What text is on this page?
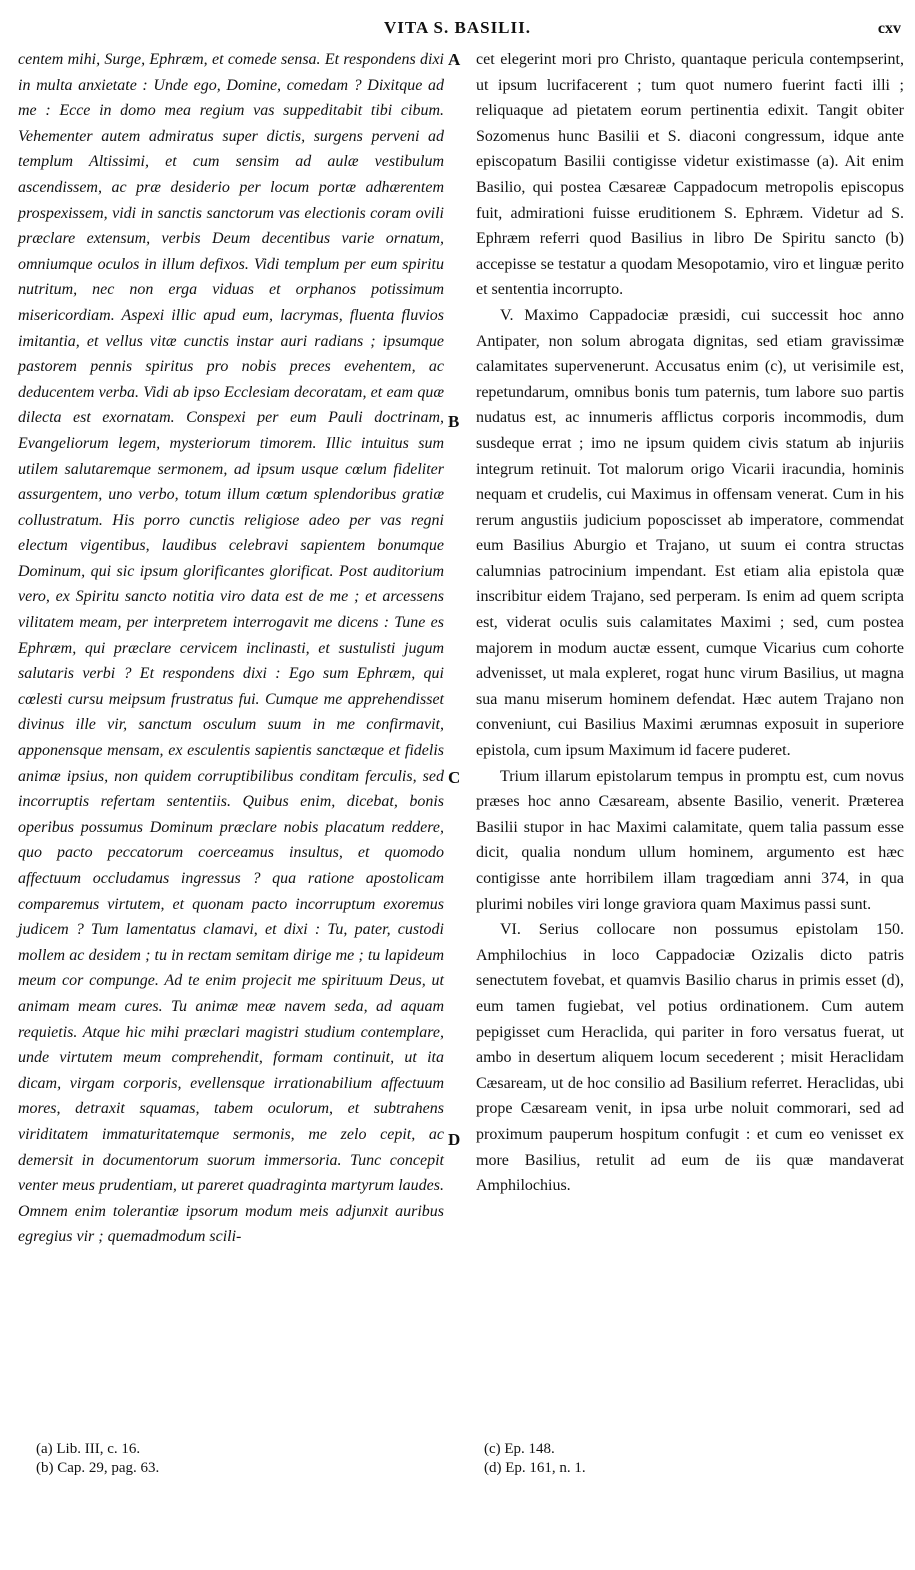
VITA S. BASILII.	cxv

centem mihi, Surge, Ephræm, et comede sensa. Et respondens dixi in multa anxietate : Unde ego, Domine, comedam ? Dixitque ad me : Ecce in domo mea regium vas suppeditabit tibi cibum. Vehementer autem admiratus super dictis, surgens perveni ad templum Altissimi, et cum sensim ad aulæ vestibulum ascendissem, ac præ desiderio per locum portæ adhærentem prospexissem, vidi in sanctis sanctorum vas electionis coram ovili præclare extensum, verbis Deum decentibus varie ornatum, omniumque oculos in illum defixos. Vidi templum per eum spiritu nutritum, nec non erga viduas et orphanos potissimum misericordiam. Aspexi illic apud eum, lacrymas, fluenta fluvios imitantia, et vellus vitæ cunctis instar auri radians ; ipsumque pastorem pennis spiritus pro nobis preces evehentem, ac deducentem verba. Vidi ab ipso Ecclesiam decoratam, et eam quæ dilecta est exornatam. Conspexi per eum Pauli doctrinam, Evangeliorum legem, mysteriorum timorem. Illic intuitus sum utilem salutaremque sermonem, ad ipsum usque cœlum fideliter assurgentem, uno verbo, totum illum cœtum splendoribus gratiæ collustratum. His porro cunctis religiose adeo per vas regni electum vigentibus, laudibus celebravi sapientem bonumque Dominum, qui sic ipsum glorificantes glorificat. Post auditorium vero, ex Spiritu sancto notitia viro data est de me ; et arcessens vilitatem meam, per interpretem interrogavit me dicens : Tune es Ephræm, qui præclare cervicem inclinasti, et sustulisti jugum salutaris verbi ? Et respondens dixi : Ego sum Ephræm, qui cœlesti cursu meipsum frustratus fui. Cumque me apprehendisset divinus ille vir, sanctum osculum suum in me confirmavit, apponensque mensam, ex esculentis sapientis sanctæque et fidelis animæ ipsius, non quidem corruptibilibus conditam ferculis, sed incorruptis refertam sententiis. Quibus enim, dicebat, bonis operibus possumus Dominum præclare nobis placatum reddere, quo pacto peccatorum coerceamus insultus, et quomodo affectuum occludamus ingressus ? qua ratione apostolicam comparemus virtutem, et quonam pacto incorruptum exoremus judicem ? Tum lamentatus clamavi, et dixi : Tu, pater, custodi mollem ac desidem ; tu in rectam semitam dirige me ; tu lapideum meum cor compunge. Ad te enim projecit me spirituum Deus, ut animam meam cures. Tu animæ meæ navem seda, ad aquam requietis. Atque hic mihi præclari magistri studium contemplare, unde virtutem meum comprehendit, formam continuit, ut ita dicam, virgam corporis, evellensque irrationabilium affectuum mores, detraxit squamas, tabem oculorum, et subtrahens viriditatem immaturitatemque sermonis, me zelo cepit, ac demersit in documentorum suorum immersoria. Tunc concepit venter meus prudentiam, ut pareret quadraginta martyrum laudes. Omnem enim tolerantiæ ipsorum modum meis adjunxit auribus egregius vir ; quemadmodum scili-

A
B
C
D

cet elegerint mori pro Christo, quantaque pericula contempserint, ut ipsum lucrifacerent ; tum quot numero fuerint facti illi ; reliquaque ad pietatem eorum pertinentia edixit. Tangit obiter Sozomenus hunc Basilii et S. diaconi congressum, idque ante episcopatum Basilii contigisse videtur existimasse (a). Ait enim Basilio, qui postea Cæsareæ Cappadocum metropolis episcopus fuit, admirationi fuisse eruditionem S. Ephræm. Videtur ad S. Ephræm referri quod Basilius in libro De Spiritu sancto (b) accepisse se testatur a quodam Mesopotamio, viro et linguæ perito et sententia incorrupto.

V. Maximo Cappadociæ præsidi, cui successit hoc anno Antipater, non solum abrogata dignitas, sed etiam gravissimæ calamitates supervenerunt. Accusatus enim (c), ut verisimile est, repetundarum, omnibus bonis tum paternis, tum labore suo partis nudatus est, ac innumeris afflictus corporis incommodis, dum susdeque errat ; imo ne ipsum quidem civis statum ab injuriis integrum retinuit. Tot malorum origo Vicarii iracundia, hominis nequam et crudelis, cui Maximus in offensam venerat. Cum in his rerum angustiis judicium poposcisset ab imperatore, commendat eum Basilius Aburgio et Trajano, ut suum ei contra structas calumnias patrocinium impendant. Est etiam alia epistola quæ inscribitur eidem Trajano, sed perperam. Is enim ad quem scripta est, viderat oculis suis calamitates Maximi ; sed, cum postea majorem in modum auctæ essent, cumque Vicarius cum cohorte advenisset, ut mala expleret, rogat hunc virum Basilius, ut magna sua manu miserum hominem defendat. Hæc autem Trajano non conveniunt, cui Basilius Maximi ærumnas exposuit in superiore epistola, cum ipsum Maximum id facere puderet.

Trium illarum epistolarum tempus in promptu est, cum novus præses hoc anno Cæsaream, absente Basilio, venerit. Præterea Basilii stupor in hac Maximi calamitate, quem talia passum esse dicit, qualia nondum ullum hominem, argumento est hæc contigisse ante horribilem illam tragœdiam anni 374, in qua plurimi nobiles viri longe graviora quam Maximus passi sunt.

VI. Serius collocare non possumus epistolam 150. Amphilochius in loco Cappadociæ Ozizalis dicto patris senectutem fovebat, et quamvis Basilio charus in primis esset (d), eum tamen fugiebat, vel potius ordinationem. Cum autem pepigisset cum Heraclida, qui pariter in foro versatus fuerat, ut ambo in desertum aliquem locum secederent ; misit Heraclidam Cæsaream, ut de hoc consilio ad Basilium referret. Heraclidas, ubi prope Cæsaream venit, in ipsa urbe noluit commorari, sed ad proximum pauperum hospitum confugit : et cum eo venisset ex more Basilius, retulit ad eum de iis quæ mandaverat Amphilochius.

(a) Lib. III, c. 16.
(b) Cap. 29, pag. 63.
(c) Ep. 148.
(d) Ep. 161, n. 1.
